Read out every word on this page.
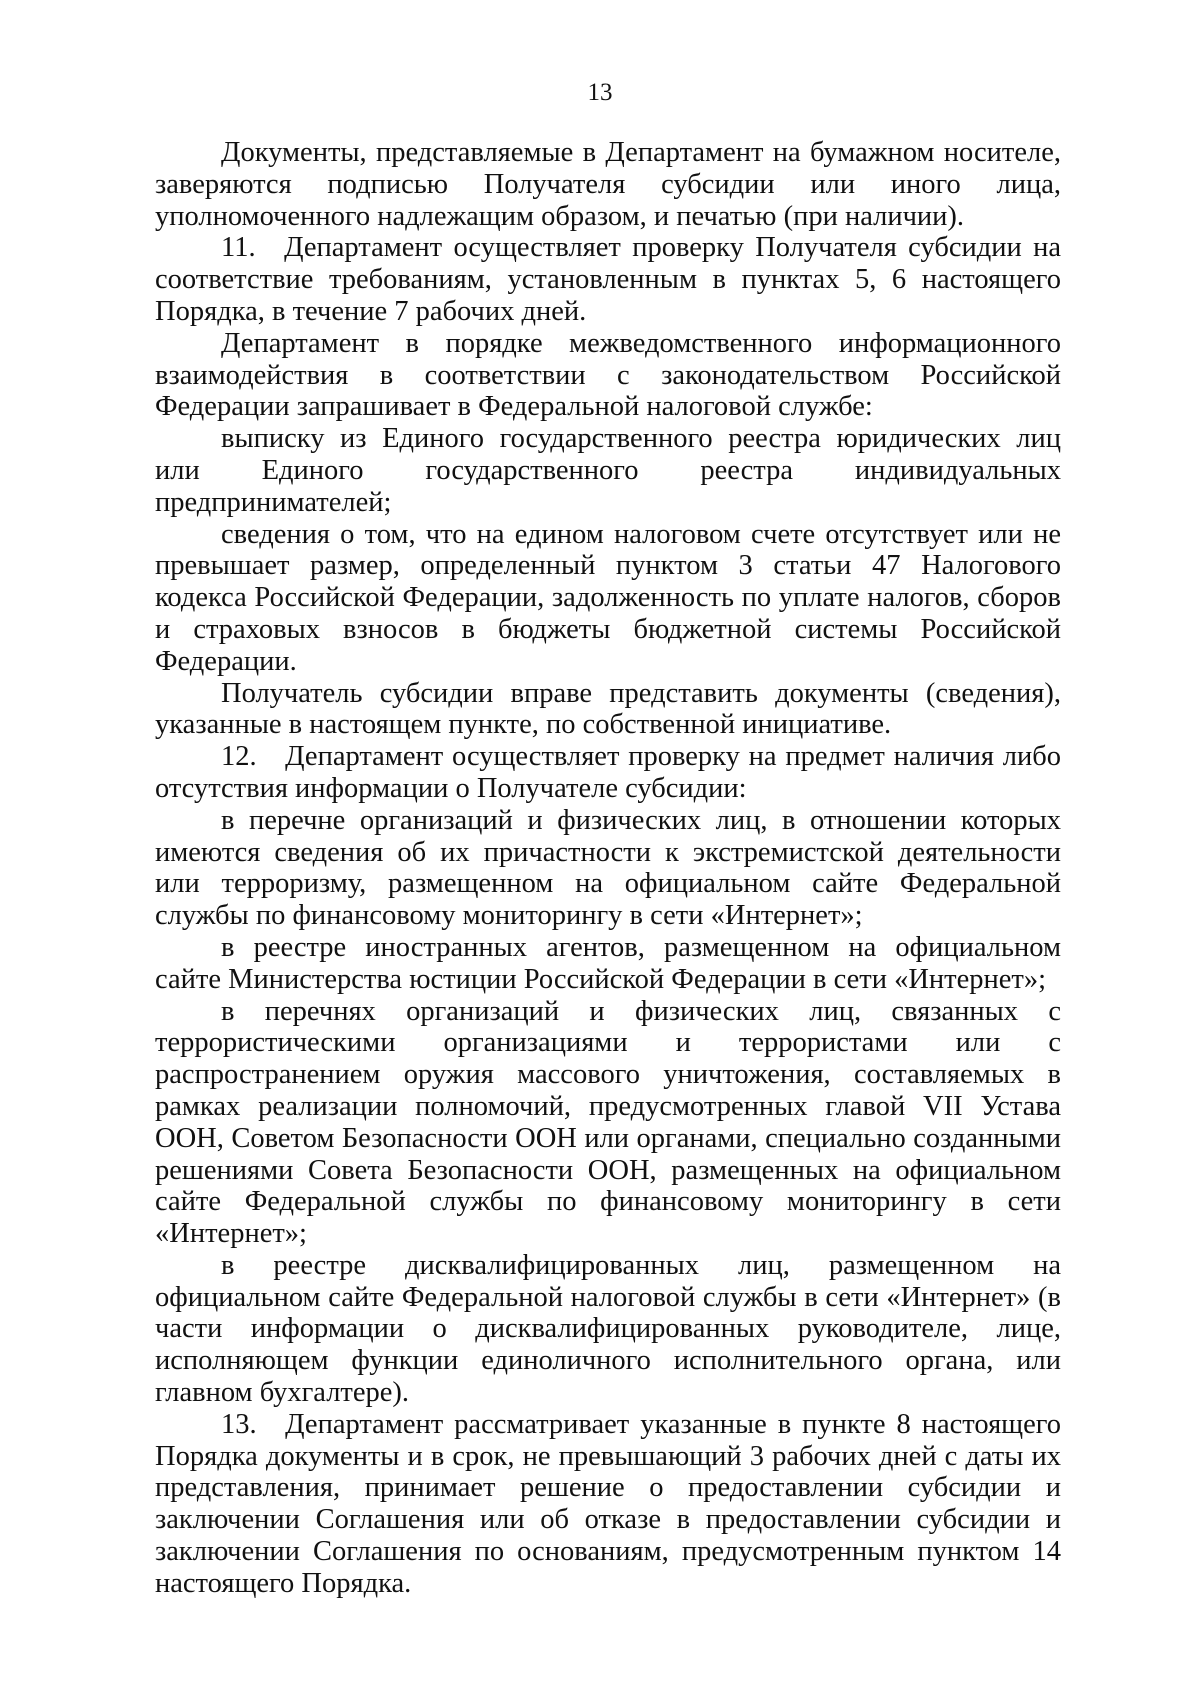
13

Документы, представляемые в Департамент на бумажном носителе, заверяются подписью Получателя субсидии или иного лица, уполномоченного надлежащим образом, и печатью (при наличии).

11. Департамент осуществляет проверку Получателя субсидии на соответствие требованиям, установленным в пунктах 5, 6 настоящего Порядка, в течение 7 рабочих дней.

Департамент в порядке межведомственного информационного взаимодействия в соответствии с законодательством Российской Федерации запрашивает в Федеральной налоговой службе:

выписку из Единого государственного реестра юридических лиц или Единого государственного реестра индивидуальных предпринимателей;

сведения о том, что на едином налоговом счете отсутствует или не превышает размер, определенный пунктом 3 статьи 47 Налогового кодекса Российской Федерации, задолженность по уплате налогов, сборов и страховых взносов в бюджеты бюджетной системы Российской Федерации.

Получатель субсидии вправе представить документы (сведения), указанные в настоящем пункте, по собственной инициативе.

12. Департамент осуществляет проверку на предмет наличия либо отсутствия информации о Получателе субсидии:

в перечне организаций и физических лиц, в отношении которых имеются сведения об их причастности к экстремистской деятельности или терроризму, размещенном на официальном сайте Федеральной службы по финансовому мониторингу в сети «Интернет»;

в реестре иностранных агентов, размещенном на официальном сайте Министерства юстиции Российской Федерации в сети «Интернет»;

в перечнях организаций и физических лиц, связанных с террористическими организациями и террористами или с распространением оружия массового уничтожения, составляемых в рамках реализации полномочий, предусмотренных главой VII Устава ООН, Советом Безопасности ООН или органами, специально созданными решениями Совета Безопасности ООН, размещенных на официальном сайте Федеральной службы по финансовому мониторингу в сети «Интернет»;

в реестре дисквалифицированных лиц, размещенном на официальном сайте Федеральной налоговой службы в сети «Интернет» (в части информации о дисквалифицированных руководителе, лице, исполняющем функции единоличного исполнительного органа, или главном бухгалтере).

13. Департамент рассматривает указанные в пункте 8 настоящего Порядка документы и в срок, не превышающий 3 рабочих дней с даты их представления, принимает решение о предоставлении субсидии и заключении Соглашения или об отказе в предоставлении субсидии и заключении Соглашения по основаниям, предусмотренным пунктом 14 настоящего Порядка.
